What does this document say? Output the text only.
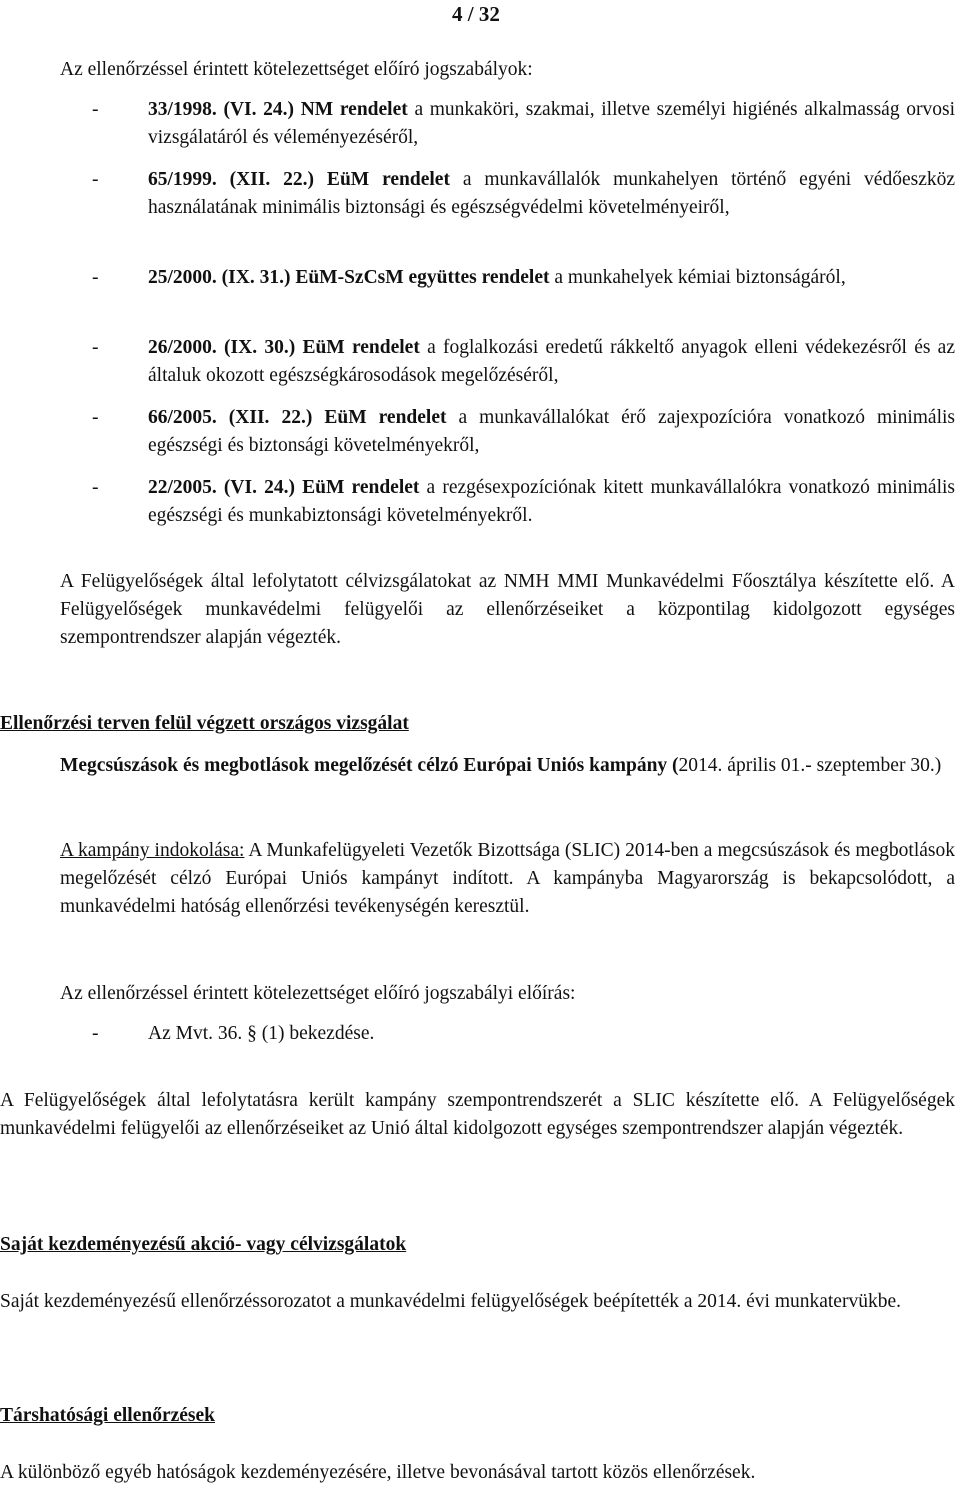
4 / 32
Az ellenőrzéssel érintett kötelezettséget előíró jogszabályok:
-	33/1998. (VI. 24.) NM rendelet a munkaköri, szakmai, illetve személyi higiénés alkalmasság orvosi vizsgálatáról és véleményezéséről,
-	65/1999. (XII. 22.) EüM rendelet a munkavállalók munkahelyen történő egyéni védőeszköz használatának minimális biztonsági és egészségvédelmi követelményeiről,
-	25/2000. (IX. 31.) EüM-SzCsM együttes rendelet a munkahelyek kémiai biztonságáról,
-	26/2000. (IX. 30.) EüM rendelet a foglalkozási eredetű rákkeltő anyagok elleni védekezésről és az általuk okozott egészségkárosodások megelőzéséről,
-	66/2005. (XII. 22.) EüM rendelet a munkavállalókat érő zajexpozícióra vonatkozó minimális egészségi és biztonsági követelményekről,
-	22/2005. (VI. 24.) EüM rendelet a rezgésexpozíciónak kitett munkavállalókra vonatkozó minimális egészségi és munkabiztonsági követelményekről.
A Felügyelőségek által lefolytatott célvizsgálatokat az NMH MMI Munkavédelmi Főosztálya készítette elő. A Felügyelőségek munkavédelmi felügyelői az ellenőrzéseiket a központilag kidolgozott egységes szempontrendszer alapján végezték.
Ellenőrzési terven felül végzett országos vizsgálat
Megcsúszások és megbotlások megelőzését célzó Európai Uniós kampány (2014. április 01.- szeptember 30.)
A kampány indokolása: A Munkafelügyeleti Vezetők Bizottsága (SLIC) 2014-ben a megcsúszások és megbotlások megelőzését célzó Európai Uniós kampányt indított. A kampányba Magyarország is bekapcsolódott, a munkavédelmi hatóság ellenőrzési tevékenységén keresztül.
Az ellenőrzéssel érintett kötelezettséget előíró jogszabályi előírás:
-	Az Mvt. 36. § (1) bekezdése.
A Felügyelőségek által lefolytatásra került kampány szempontrendszerét a SLIC készítette elő. A Felügyelőségek munkavédelmi felügyelői az ellenőrzéseiket az Unió által kidolgozott egységes szempontrendszer alapján végezték.
Saját kezdeményezésű akció- vagy célvizsgálatok
Saját kezdeményezésű ellenőrzéssorozatot a munkavédelmi felügyelőségek beépítették a 2014. évi munkatervükbe.
Társhatósági ellenőrzések
A különböző egyéb hatóságok kezdeményezésére, illetve bevonásával tartott közös ellenőrzések.
